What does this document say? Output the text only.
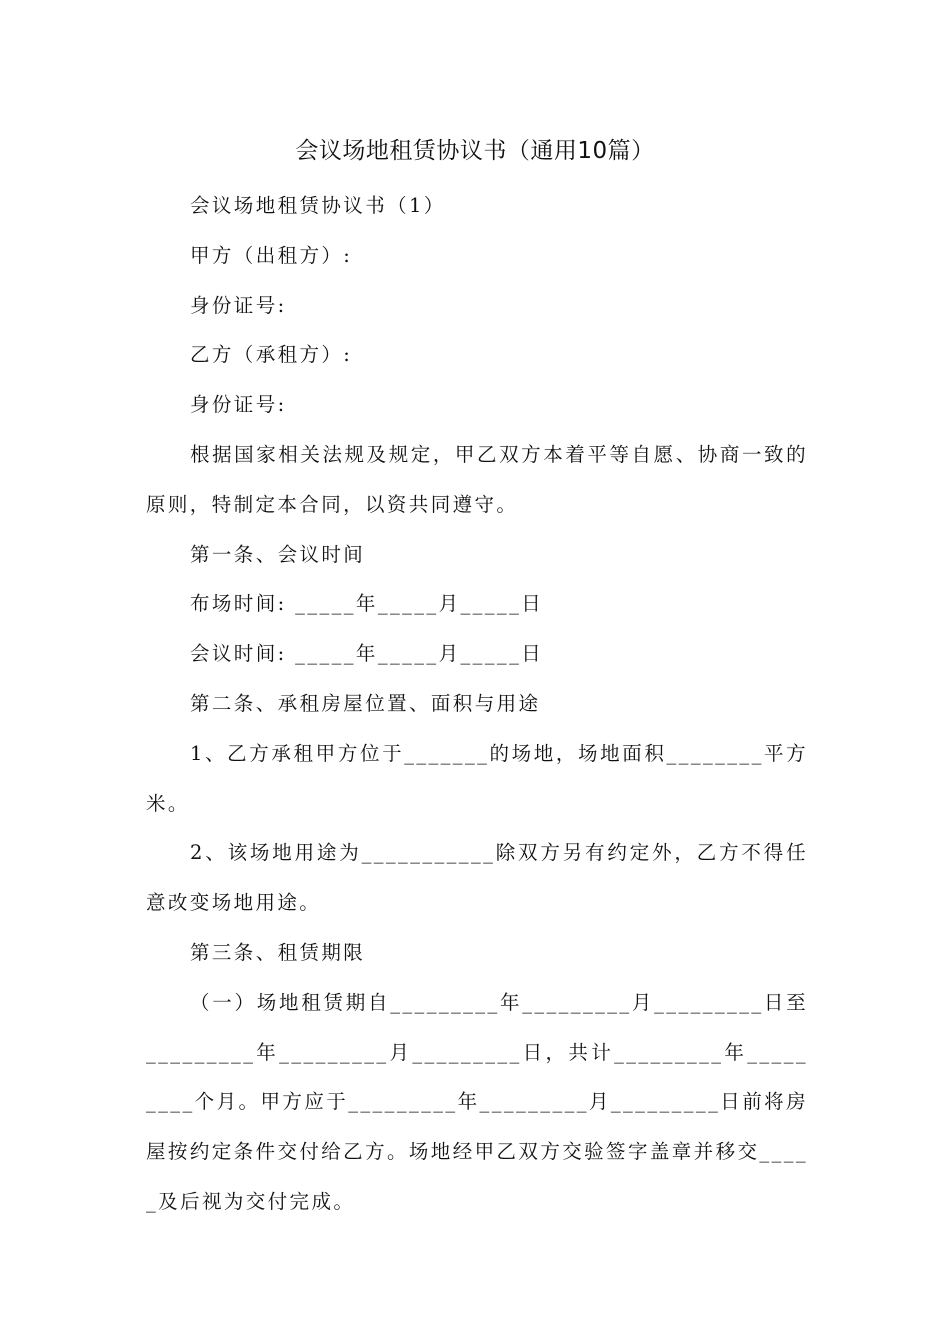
会议场地租赁协议书（通用10篇）

会议场地租赁协议书（1）

甲方（出租方）:

身份证号:

乙方（承租方）:

身份证号:

根据国家相关法规及规定，甲乙双方本着平等自愿、协商一致的原则，特制定本合同，以资共同遵守。

第一条、会议时间

布场时间: _____年_____月_____日

会议时间: _____年_____月_____日

第二条、承租房屋位置、面积与用途

1、乙方承租甲方位于_______的场地，场地面积________平方米。

2、该场地用途为___________除双方另有约定外，乙方不得任意改变场地用途。

第三条、租赁期限

（一）场地租赁期自_________年_________月_________日至_________年_________月_________日，共计_________年_________个月。甲方应于_________年_________月_________日前将房屋按约定条件交付给乙方。场地经甲乙双方交验签字盖章并移交_____及后视为交付完成。
